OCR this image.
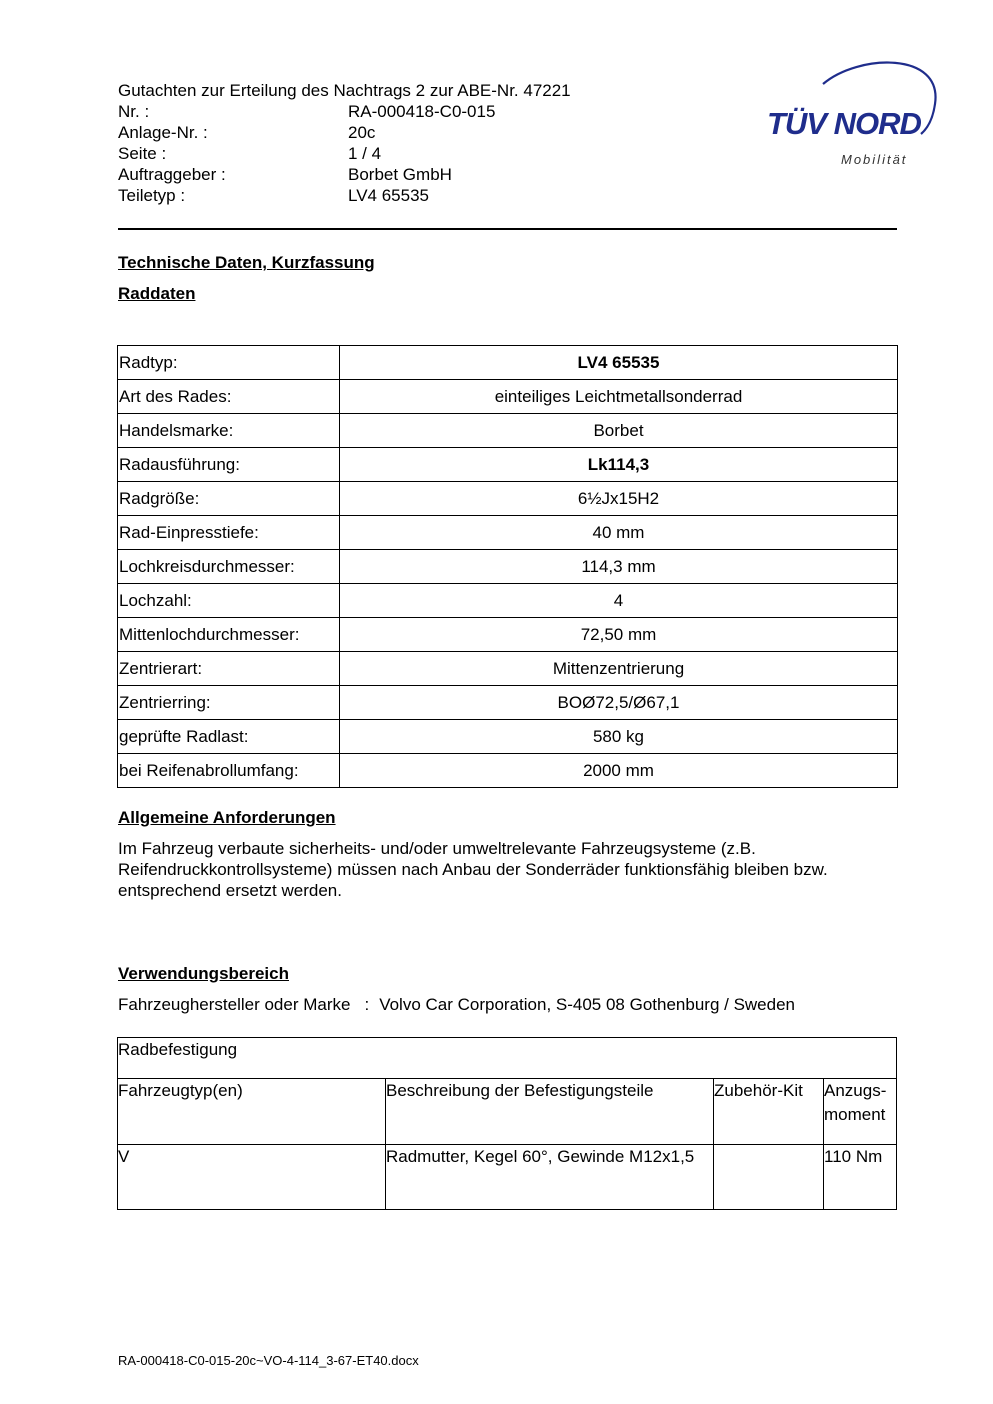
Gutachten zur Erteilung des Nachtrags 2 zur ABE-Nr. 47221
Nr. :	RA-000418-C0-015
Anlage-Nr. :	20c
Seite :	1 / 4
Auftraggeber :	Borbet GmbH
Teiletyp :	LV4 65535
TÜV NORD
Mobilität
Technische Daten, Kurzfassung
Raddaten
Radtyp:	LV4 65535
Art des Rades:	einteiliges Leichtmetallsonderrad
Handelsmarke:	Borbet
Radausführung:	Lk114,3
Radgröße:	6½Jx15H2
Rad-Einpresstiefe:	40 mm
Lochkreisdurchmesser:	114,3 mm
Lochzahl:	4
Mittenlochdurchmesser:	72,50 mm
Zentrierart:	Mittenzentrierung
Zentrierring:	BOØ72,5/Ø67,1
geprüfte Radlast:	580 kg
bei Reifenabrollumfang:	2000 mm
Allgemeine Anforderungen
Im Fahrzeug verbaute sicherheits- und/oder umweltrelevante Fahrzeugsysteme (z.B. Reifendruckkontrollsysteme) müssen nach Anbau der Sonderräder funktionsfähig bleiben bzw. entsprechend ersetzt werden.
Verwendungsbereich
Fahrzeughersteller oder Marke : Volvo Car Corporation, S-405 08 Gothenburg / Sweden
Radbefestigung			
Fahrzeugtyp(en)	Beschreibung der Befestigungsteile	Zubehör-Kit	Anzugs-moment
V	Radmutter, Kegel 60°, Gewinde M12x1,5		110 Nm
RA-000418-C0-015-20c~VO-4-114_3-67-ET40.docx
